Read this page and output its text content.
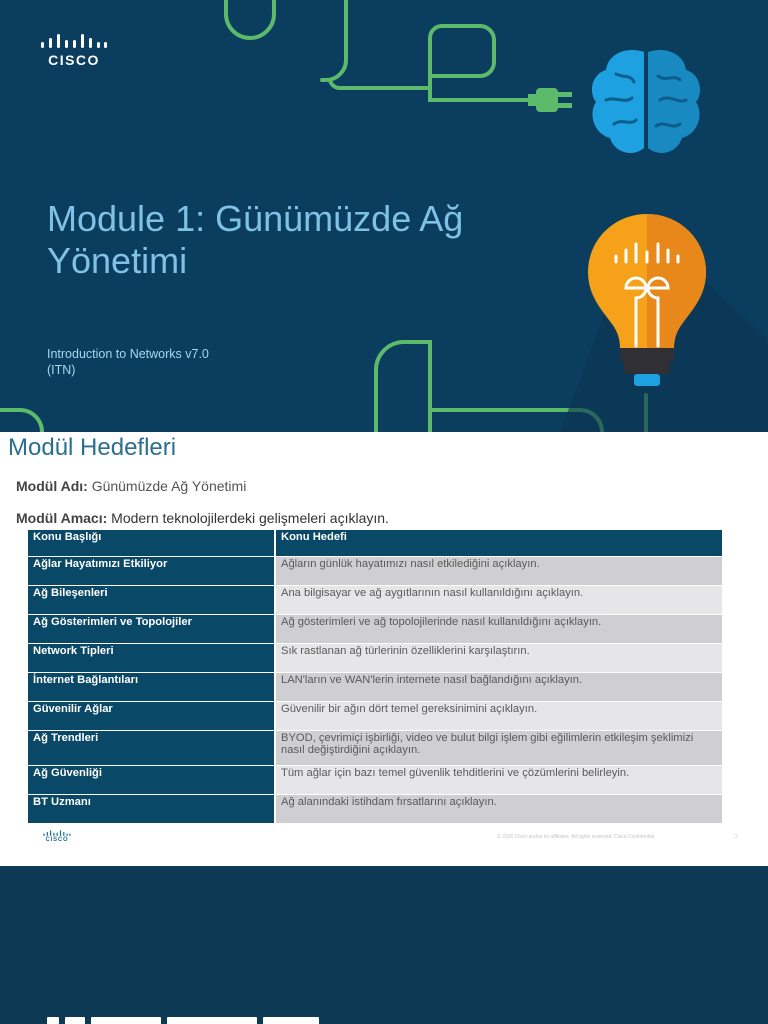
CISCO
Module 1: Günümüzde Ağ Yönetimi
Introduction to Networks v7.0
(ITN)
Modül Hedefleri
Modül Adı: Günümüzde Ağ Yönetimi
Modül Amacı: Modern teknolojilerdeki gelişmeleri açıklayın.
Konu Başlığı	Konu Hedefi
Ağlar Hayatımızı Etkiliyor	Ağların günlük hayatımızı nasıl etkilediğini açıklayın.
Ağ Bileşenleri	Ana bilgisayar ve ağ aygıtlarının nasıl kullanıldığını açıklayın.
Ağ Gösterimleri ve Topolojiler	Ağ gösterimleri ve ağ topolojilerinde nasıl kullanıldığını açıklayın.
Network Tipleri	Sık rastlanan ağ türlerinin özelliklerini karşılaştırın.
İnternet Bağlantıları	LAN'ların ve WAN'lerin internete nasıl bağlandığını açıklayın.
Güvenilir Ağlar	Güvenilir bir ağın dört temel gereksinimini açıklayın.
Ağ Trendleri	BYOD, çevrimiçi işbirliği, video ve bulut bilgi işlem gibi eğilimlerin etkileşim şeklimizi nasıl değiştirdiğini açıklayın.
Ağ Güvenliği	Tüm ağlar için bazı temel güvenlik tehditlerini ve çözümlerini belirleyin.
BT Uzmanı	Ağ alanındaki istihdam fırsatlarını açıklayın.
CISCO	© 2016 Cisco and/or its affiliates. All rights reserved. Cisco Confidential	2
